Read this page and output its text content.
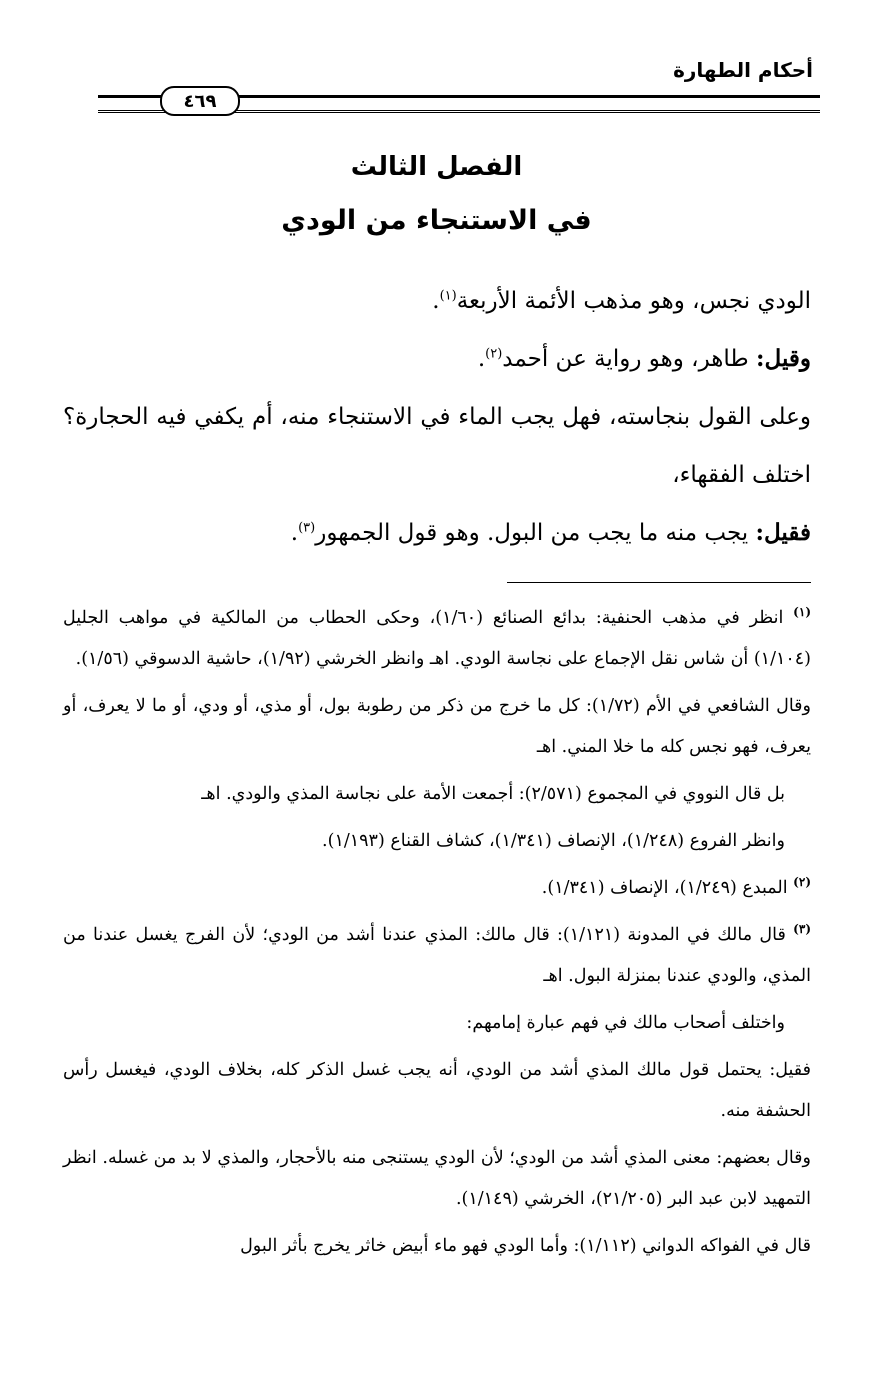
أحكام الطهارة
٤٦٩
الفصل الثالث
في الاستنجاء من الودي

الودي نجس، وهو مذهب الأئمة الأربعة$^{(١)}$.

وقيل: طاهر، وهو رواية عن أحمد$^{(٢)}$.

وعلى القول بنجاسته، فهل يجب الماء في الاستنجاء منه، أم يكفي فيه الحجارة؟ اختلف الفقهاء،

فقيل: يجب منه ما يجب من البول. وهو قول الجمهور$^{(٣)}$.

$^{(١)}$ انظر في مذهب الحنفية: بدائع الصنائع (١/٦٠)، وحكى الحطاب من المالكية في مواهب الجليل (١/١٠٤) أن شاس نقل الإجماع على نجاسة الودي. اهـ وانظر الخرشي (١/٩٢)، حاشية الدسوقي (١/٥٦).

وقال الشافعي في الأم (١/٧٢): كل ما خرج من ذكر من رطوبة بول، أو مذي، أو ودي، أو ما لا يعرف، أو يعرف، فهو نجس كله ما خلا المني. اهـ

بل قال النووي في المجموع (٢/٥٧١): أجمعت الأمة على نجاسة المذي والودي. اهـ

وانظر الفروع (١/٢٤٨)، الإنصاف (١/٣٤١)، كشاف القناع (١/١٩٣).

$^{(٢)}$ المبدع (١/٢٤٩)، الإنصاف (١/٣٤١).

$^{(٣)}$ قال مالك في المدونة (١/١٢١): قال مالك: المذي عندنا أشد من الودي؛ لأن الفرج يغسل عندنا من المذي، والودي عندنا بمنزلة البول. اهـ

واختلف أصحاب مالك في فهم عبارة إمامهم:

فقيل: يحتمل قول مالك المذي أشد من الودي، أنه يجب غسل الذكر كله، بخلاف الودي، فيغسل رأس الحشفة منه.

وقال بعضهم: معنى المذي أشد من الودي؛ لأن الودي يستنجى منه بالأحجار، والمذي لا بد من غسله. انظر التمهيد لابن عبد البر (٢١/٢٠٥)، الخرشي (١/١٤٩).

قال في الفواكه الدواني (١/١١٢): وأما الودي فهو ماء أبيض خاثر يخرج بأثر البول
